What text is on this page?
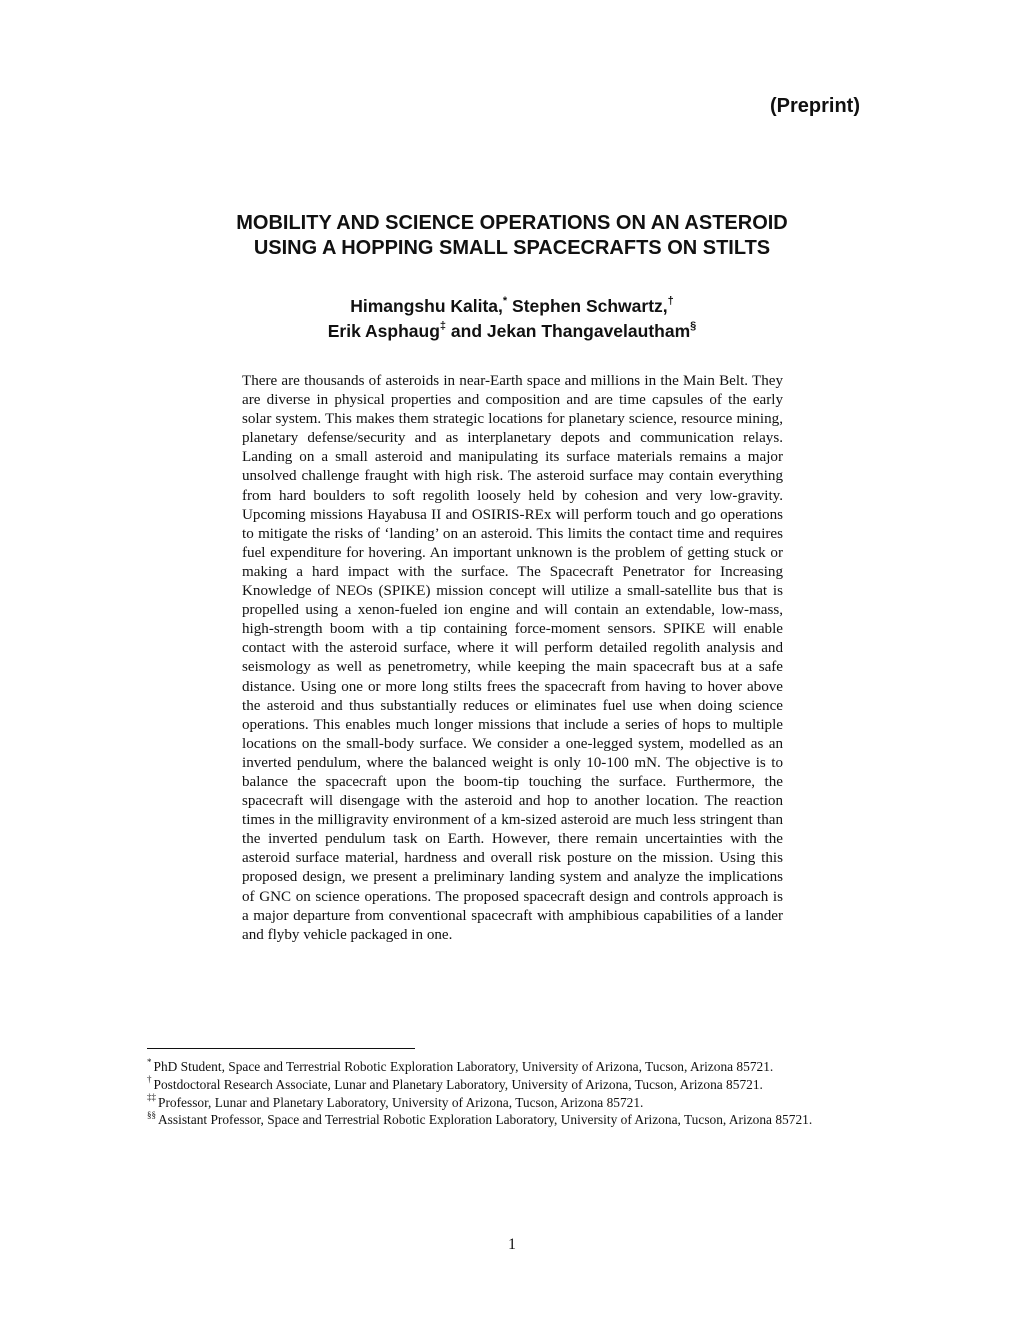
(Preprint)

MOBILITY AND SCIENCE OPERATIONS ON AN ASTEROID
USING A HOPPING SMALL SPACECRAFTS ON STILTS
Himangshu Kalita,* Stephen Schwartz,†
Erik Asphaug‡ and Jekan Thangavelautham§

There are thousands of asteroids in near-Earth space and millions in the Main Belt. They are diverse in physical properties and composition and are time capsules of the early solar system. This makes them strategic locations for planetary science, resource mining, planetary defense/security and as interplanetary depots and communication relays. Landing on a small asteroid and manipulating its surface materials remains a major unsolved challenge fraught with high risk. The asteroid surface may contain everything from hard boulders to soft regolith loosely held by cohesion and very low-gravity. Upcoming missions Hayabusa II and OSIRIS-REx will perform touch and go operations to mitigate the risks of ‘landing’ on an asteroid. This limits the contact time and requires fuel expenditure for hovering. An important unknown is the problem of getting stuck or making a hard impact with the surface. The Spacecraft Penetrator for Increasing Knowledge of NEOs (SPIKE) mission concept will utilize a small-satellite bus that is propelled using a xenon-fueled ion engine and will contain an extendable, low-mass, high-strength boom with a tip containing force-moment sensors. SPIKE will enable contact with the asteroid surface, where it will perform detailed regolith analysis and seismology as well as penetrometry, while keeping the main spacecraft bus at a safe distance. Using one or more long stilts frees the spacecraft from having to hover above the asteroid and thus substantially reduces or eliminates fuel use when doing science operations. This enables much longer missions that include a series of hops to multiple locations on the small-body surface. We consider a one-legged system, modelled as an inverted pendulum, where the balanced weight is only 10-100 mN. The objective is to balance the spacecraft upon the boom-tip touching the surface. Furthermore, the spacecraft will disengage with the asteroid and hop to another location. The reaction times in the milligravity environment of a km-sized asteroid are much less stringent than the inverted pendulum task on Earth. However, there remain uncertainties with the asteroid surface material, hardness and overall risk posture on the mission. Using this proposed design, we present a preliminary landing system and analyze the implications of GNC on science operations. The proposed spacecraft design and controls approach is a major departure from conventional spacecraft with amphibious capabilities of a lander and flyby vehicle packaged in one.

* PhD Student, Space and Terrestrial Robotic Exploration Laboratory, University of Arizona, Tucson, Arizona 85721.
† Postdoctoral Research Associate, Lunar and Planetary Laboratory, University of Arizona, Tucson, Arizona 85721.
‡‡ Professor, Lunar and Planetary Laboratory, University of Arizona, Tucson, Arizona 85721.
§§ Assistant Professor, Space and Terrestrial Robotic Exploration Laboratory, University of Arizona, Tucson, Arizona 85721.

1
